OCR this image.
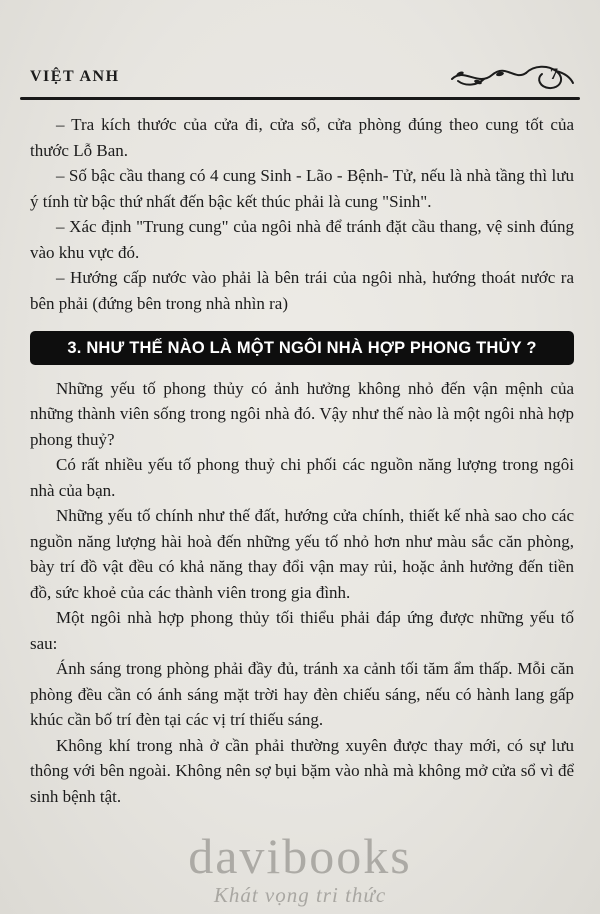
VIỆT ANH	7

– Tra kích thước của cửa đi, cửa sổ, cửa phòng đúng theo cung tốt của thước Lỗ Ban.

– Số bậc cầu thang có 4 cung Sinh - Lão - Bệnh- Tử, nếu là nhà tầng thì lưu ý tính từ bậc thứ nhất đến bậc kết thúc phải là cung "Sinh".

– Xác định "Trung cung" của ngôi nhà để tránh đặt cầu thang, vệ sinh đúng vào khu vực đó.

– Hướng cấp nước vào phải là bên trái của ngôi nhà, hướng thoát nước ra bên phải (đứng bên trong nhà nhìn ra)

3. NHƯ THẾ NÀO LÀ MỘT NGÔI NHÀ HỢP PHONG THỦY ?

Những yếu tố phong thủy có ảnh hưởng không nhỏ đến vận mệnh của những thành viên sống trong ngôi nhà đó. Vậy như thế nào là một ngôi nhà hợp phong thuỷ?

Có rất nhiều yếu tố phong thuỷ chi phối các nguồn năng lượng trong ngôi nhà của bạn.

Những yếu tố chính như thế đất, hướng cửa chính, thiết kế nhà sao cho các nguồn năng lượng hài hoà đến những yếu tố nhỏ hơn như màu sắc căn phòng, bày trí đồ vật đều có khả năng thay đổi vận may rủi, hoặc ảnh hưởng đến tiền đồ, sức khoẻ của các thành viên trong gia đình.

Một ngôi nhà hợp phong thủy tối thiểu phải đáp ứng được những yếu tố sau:

Ánh sáng trong phòng phải đầy đủ, tránh xa cảnh tối tăm ẩm thấp. Mỗi căn phòng đều cần có ánh sáng mặt trời hay đèn chiếu sáng, nếu có hành lang gấp khúc cần bố trí đèn tại các vị trí thiếu sáng.

Không khí trong nhà ở cần phải thường xuyên được thay mới, có sự lưu thông với bên ngoài. Không nên sợ bụi bặm vào nhà mà không mở cửa sổ vì để sinh bệnh tật.

davibooks
Khát vọng tri thức
